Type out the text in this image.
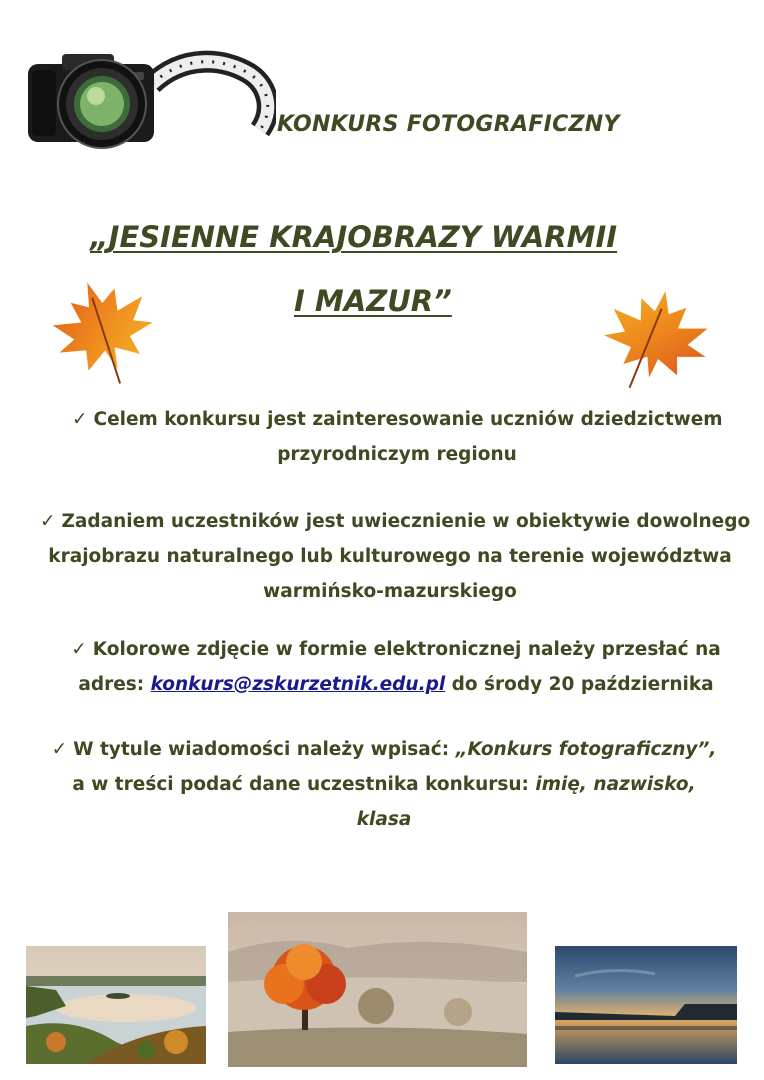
KONKURS FOTOGRAFICZNY
„JESIENNE KRAJOBRAZY WARMII
I MAZUR”
✓ Celem konkursu jest zainteresowanie uczniów dziedzictwem
przyrodniczym regionu
✓ Zadaniem uczestników jest uwiecznienie w obiektywie dowolnego
krajobrazu naturalnego lub kulturowego na terenie województwa
warmińsko-mazurskiego
✓ Kolorowe zdjęcie w formie elektronicznej należy przesłać na
adres: konkurs@zskurzetnik.edu.pl do środy 20 października
✓ W tytule wiadomości należy wpisać: „Konkurs fotograficzny”,
a w treści podać dane uczestnika konkursu: imię, nazwisko,
klasa
